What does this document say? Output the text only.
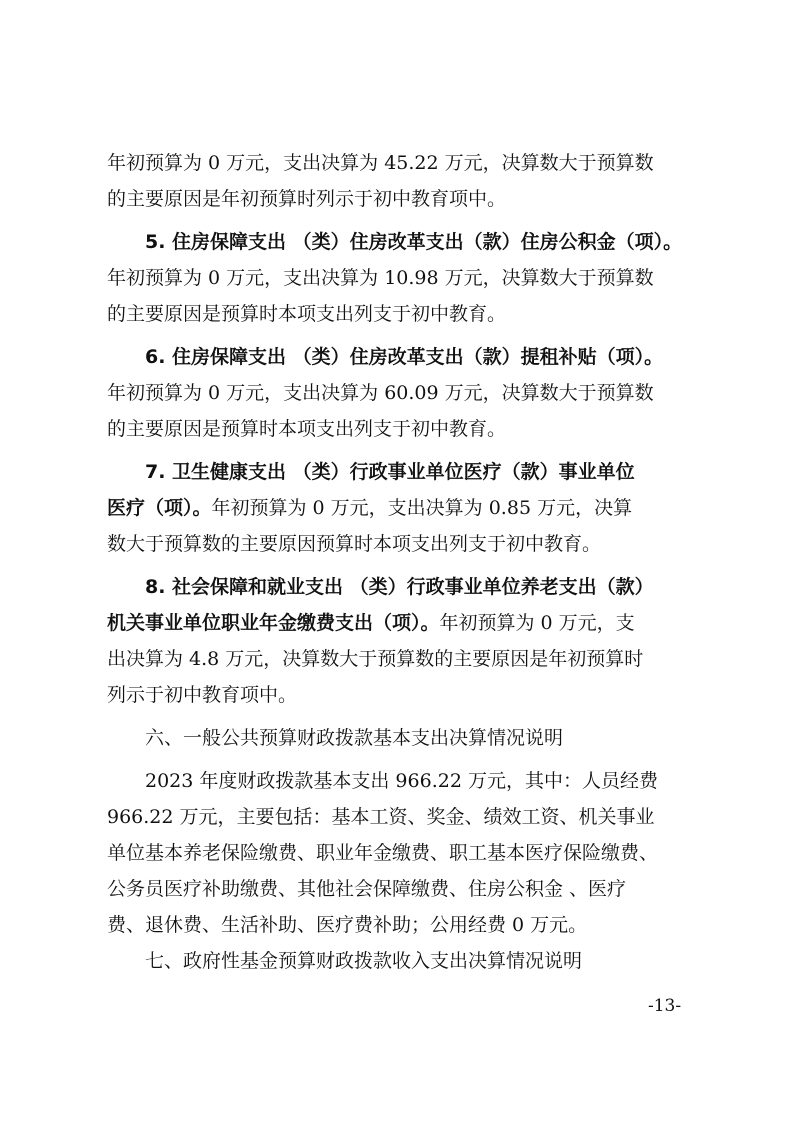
年初预算为 0 万元，支出决算为 45.22 万元，决算数大于预算数
的主要原因是年初预算时列示于初中教育项中。
5. 住房保障支出 （类）住房改革支出（款）住房公积金（项）。
年初预算为 0 万元，支出决算为 10.98 万元，决算数大于预算数
的主要原因是预算时本项支出列支于初中教育。
6. 住房保障支出 （类）住房改革支出（款）提租补贴（项）。
年初预算为 0 万元，支出决算为 60.09 万元，决算数大于预算数
的主要原因是预算时本项支出列支于初中教育。
7. 卫生健康支出 （类）行政事业单位医疗（款）事业单位
医疗（项）。年初预算为 0 万元，支出决算为 0.85 万元，决算
数大于预算数的主要原因预算时本项支出列支于初中教育。
8. 社会保障和就业支出 （类）行政事业单位养老支出（款）
机关事业单位职业年金缴费支出（项）。年初预算为 0 万元，支
出决算为 4.8 万元，决算数大于预算数的主要原因是年初预算时
列示于初中教育项中。
六、一般公共预算财政拨款基本支出决算情况说明
2023 年度财政拨款基本支出 966.22 万元，其中：人员经费
966.22 万元，主要包括：基本工资、奖金、绩效工资、机关事业
单位基本养老保险缴费、职业年金缴费、职工基本医疗保险缴费、
公务员医疗补助缴费、其他社会保障缴费、住房公积金 、医疗
费、退休费、生活补助、医疗费补助；公用经费 0 万元。
七、政府性基金预算财政拨款收入支出决算情况说明
-13-
